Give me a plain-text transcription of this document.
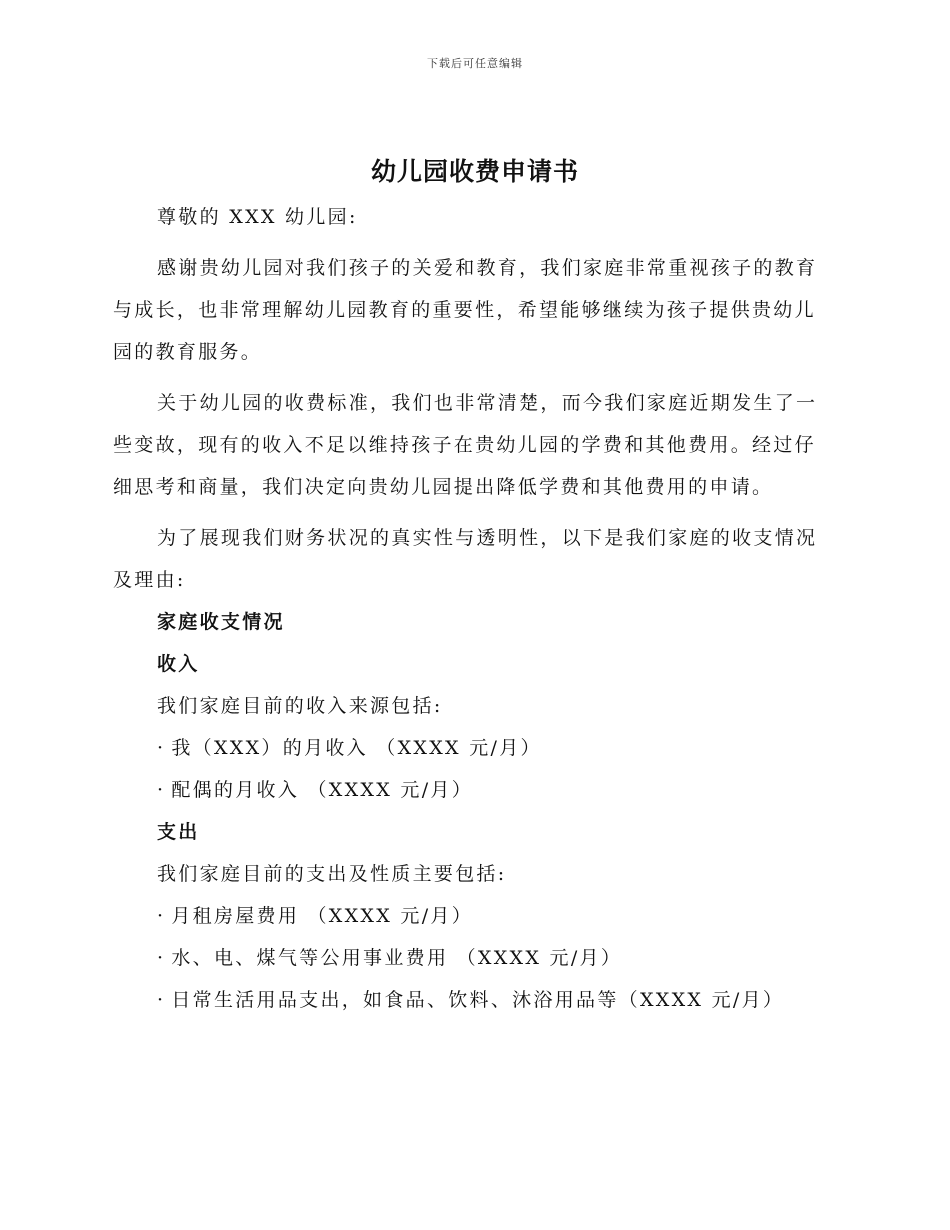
下载后可任意编辑
幼儿园收费申请书

尊敬的 XXX 幼儿园:

感谢贵幼儿园对我们孩子的关爱和教育，我们家庭非常重视孩子的教育与成长，也非常理解幼儿园教育的重要性，希望能够继续为孩子提供贵幼儿园的教育服务。

关于幼儿园的收费标准，我们也非常清楚，而今我们家庭近期发生了一些变故，现有的收入不足以维持孩子在贵幼儿园的学费和其他费用。经过仔细思考和商量，我们决定向贵幼儿园提出降低学费和其他费用的申请。

为了展现我们财务状况的真实性与透明性，以下是我们家庭的收支情况及理由:

家庭收支情况

收入

我们家庭目前的收入来源包括:

· 我（XXX）的月收入 （XXXX 元/月）

· 配偶的月收入 （XXXX 元/月）

支出

我们家庭目前的支出及性质主要包括:

· 月租房屋费用 （XXXX 元/月）

· 水、电、煤气等公用事业费用 （XXXX 元/月）

· 日常生活用品支出，如食品、饮料、沐浴用品等（XXXX 元/月）
